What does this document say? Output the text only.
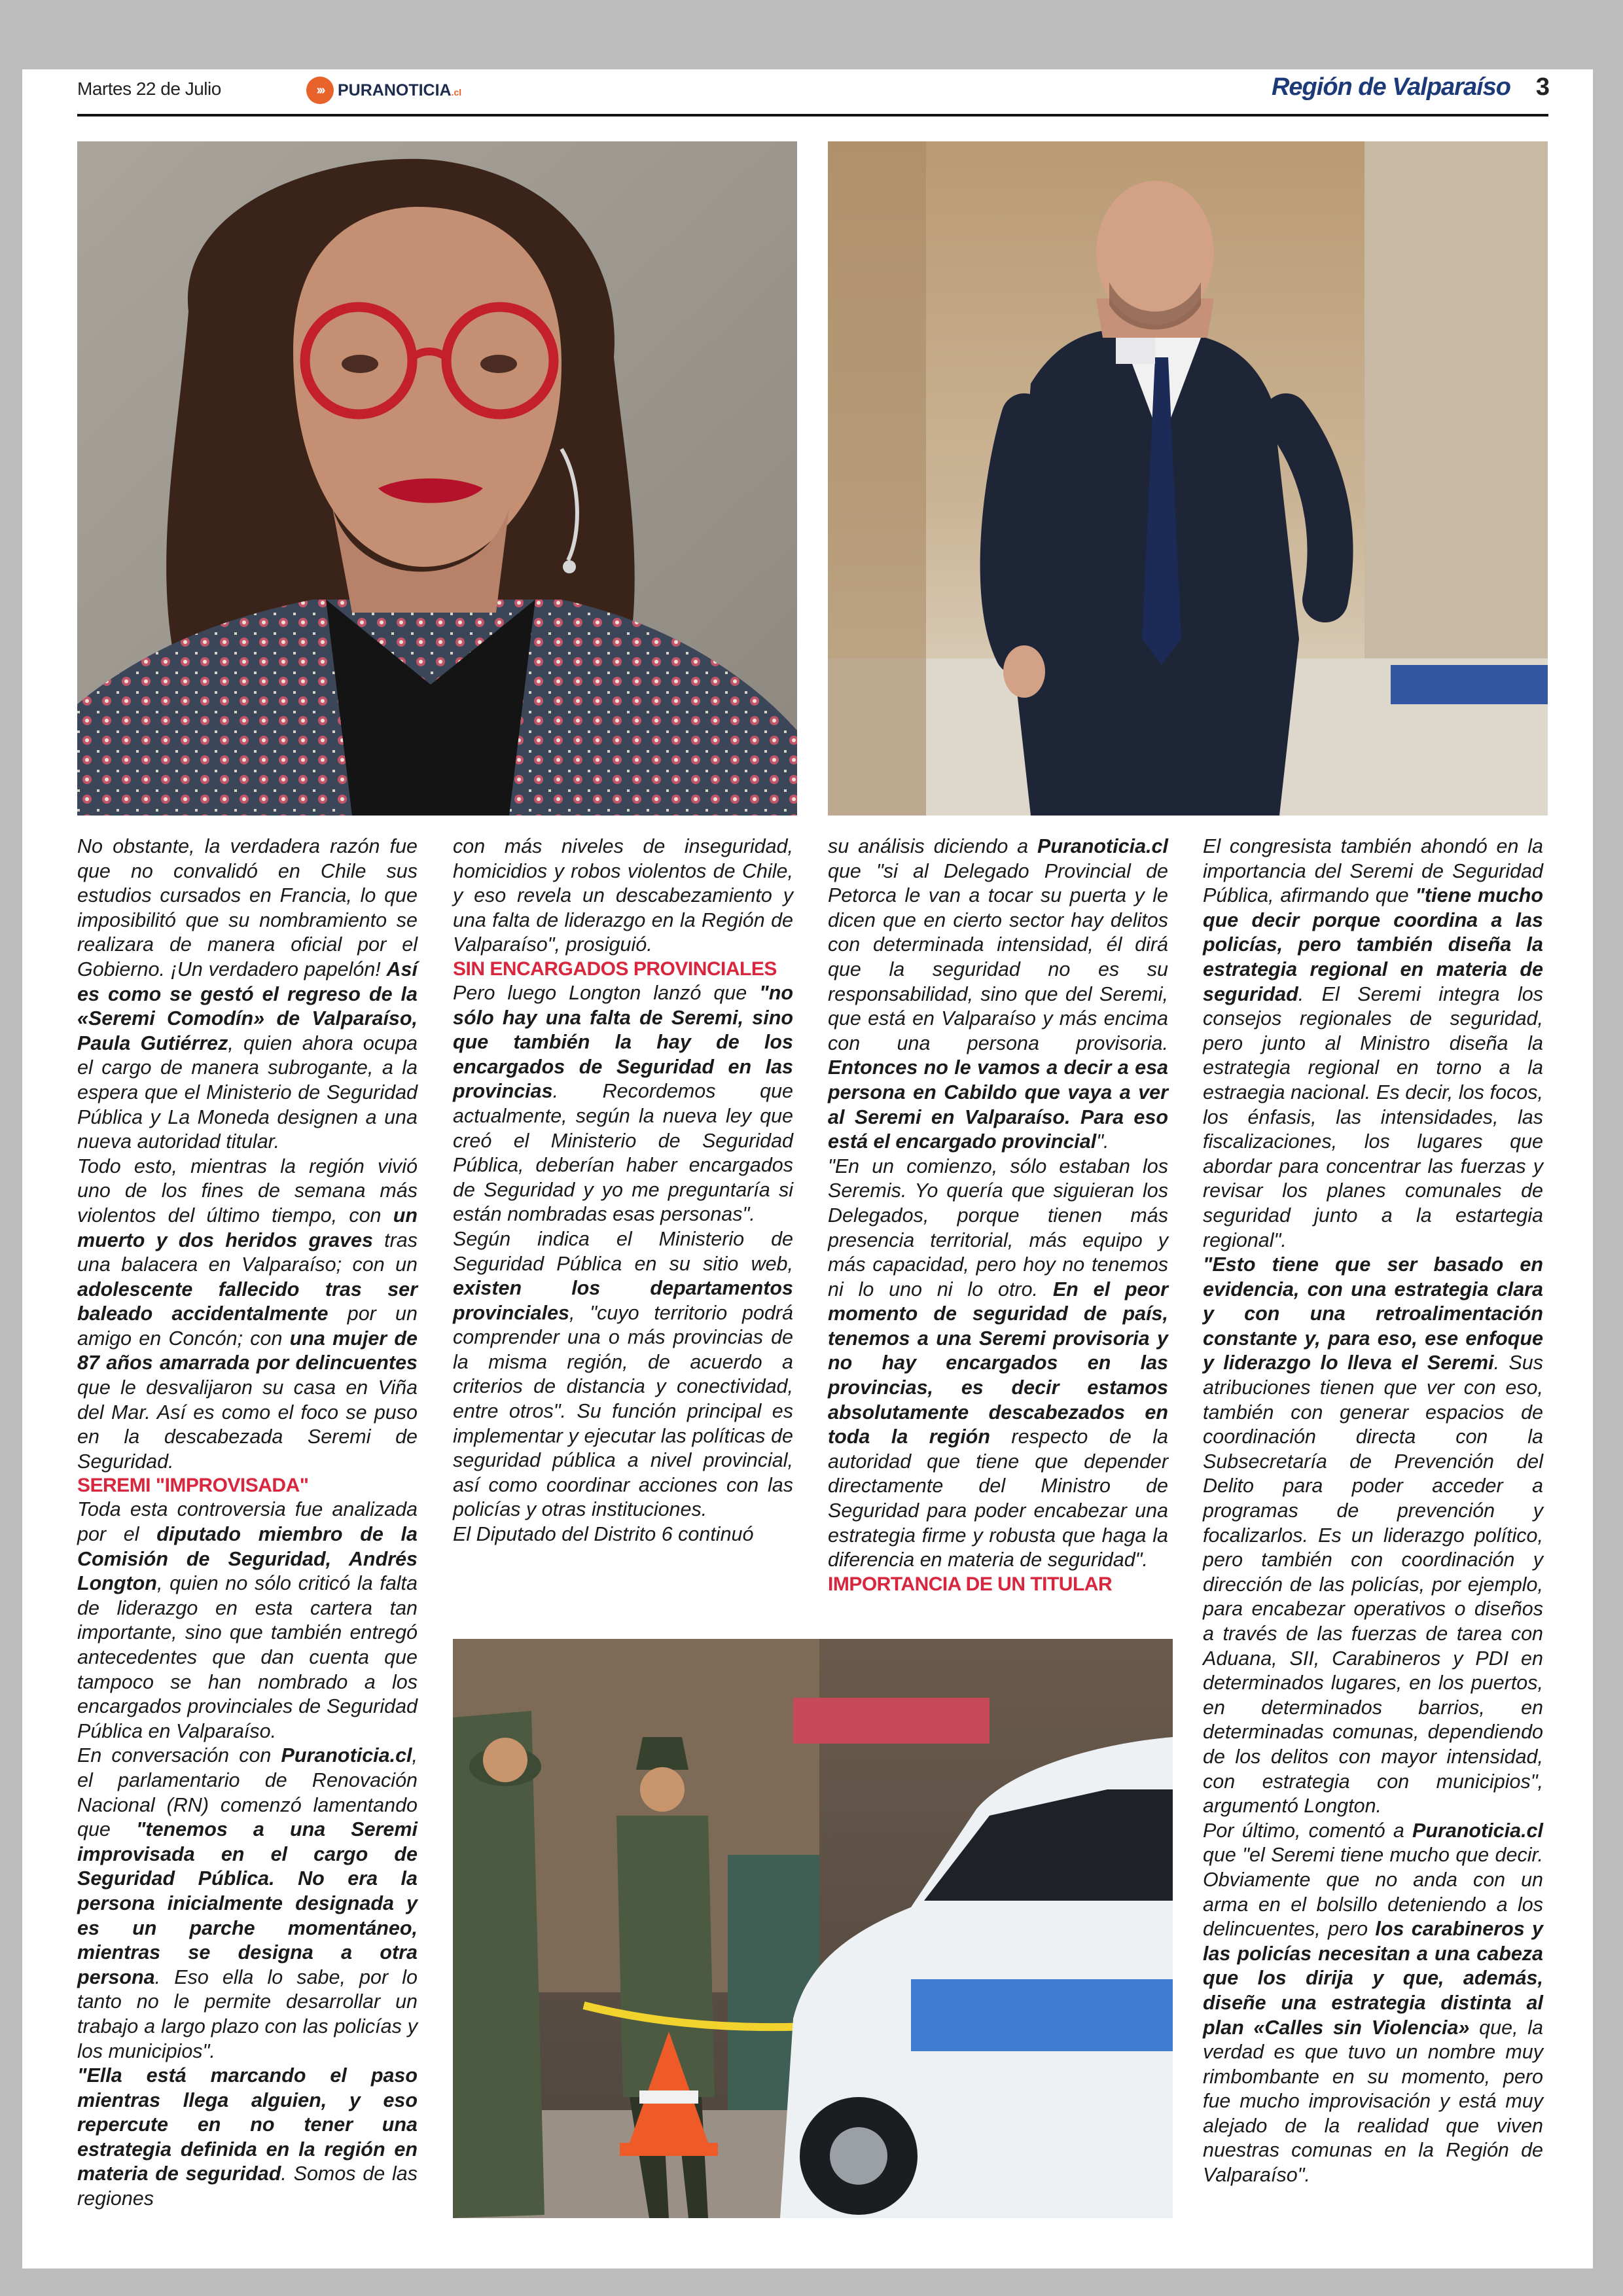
Martes 22 de Julio	››› PURANOTICIA.cl	Región de Valparaíso 3

No obstante, la verdadera razón fue que no convalidó en Chile sus estudios cursados en Francia, lo que imposibilitó que su nombramiento se realizara de manera oficial por el Gobierno. ¡Un verdadero papelón! Así es como se gestó el regreso de la «Seremi Comodín» de Valparaíso, Paula Gutiérrez, quien ahora ocupa el cargo de manera subrogante, a la espera que el Ministerio de Seguridad Pública y La Moneda designen a una nueva autoridad titular.

Todo esto, mientras la región vivió uno de los fines de semana más violentos del último tiempo, con un muerto y dos heridos graves tras una balacera en Valparaíso; con un adolescente fallecido tras ser baleado accidentalmente por un amigo en Concón; con una mujer de 87 años amarrada por delincuentes que le desvalijaron su casa en Viña del Mar. Así es como el foco se puso en la descabezada Seremi de Seguridad.

SEREMI "IMPROVISADA"

Toda esta controversia fue analizada por el diputado miembro de la Comisión de Seguridad, Andrés Longton, quien no sólo criticó la falta de liderazgo en esta cartera tan importante, sino que también entregó antecedentes que dan cuenta que tampoco se han nombrado a los encargados provinciales de Seguridad Pública en Valparaíso.

En conversación con Puranoticia.cl, el parlamentario de Renovación Nacional (RN) comenzó lamentando que "tenemos a una Seremi improvisada en el cargo de Seguridad Pública. No era la persona inicialmente designada y es un parche momentáneo, mientras se designa a otra persona. Eso ella lo sabe, por lo tanto no le permite desarrollar un trabajo a largo plazo con las policías y los municipios".

"Ella está marcando el paso mientras llega alguien, y eso repercute en no tener una estrategia definida en la región en materia de seguridad. Somos de las regiones

con más niveles de inseguridad, homicidios y robos violentos de Chile, y eso revela un descabezamiento y una falta de liderazgo en la Región de Valparaíso", prosiguió.

SIN ENCARGADOS PROVINCIALES

Pero luego Longton lanzó que "no sólo hay una falta de Seremi, sino que también la hay de los encargados de Seguridad en las provincias. Recordemos que actualmente, según la nueva ley que creó el Ministerio de Seguridad Pública, deberían haber encargados de Seguridad y yo me preguntaría si están nombradas esas personas".

Según indica el Ministerio de Seguridad Pública en su sitio web, existen los departamentos provinciales, "cuyo territorio podrá comprender una o más provincias de la misma región, de acuerdo a criterios de distancia y conectividad, entre otros". Su función principal es implementar y ejecutar las políticas de seguridad pública a nivel provincial, así como coordinar acciones con las policías y otras instituciones.

El Diputado del Distrito 6 continuó

su análisis diciendo a Puranoticia.cl que "si al Delegado Provincial de Petorca le van a tocar su puerta y le dicen que en cierto sector hay delitos con determinada intensidad, él dirá que la seguridad no es su responsabilidad, sino que del Seremi, que está en Valparaíso y más encima con una persona provisoria. Entonces no le vamos a decir a esa persona en Cabildo que vaya a ver al Seremi en Valparaíso. Para eso está el encargado provincial".

"En un comienzo, sólo estaban los Seremis. Yo quería que siguieran los Delegados, porque tienen más presencia territorial, más equipo y más capacidad, pero hoy no tenemos ni lo uno ni lo otro. En el peor momento de seguridad de país, tenemos a una Seremi provisoria y no hay encargados en las provincias, es decir estamos absolutamente descabezados en toda la región respecto de la autoridad que tiene que depender directamente del Ministro de Seguridad para poder encabezar una estrategia firme y robusta que haga la diferencia en materia de seguridad".

IMPORTANCIA DE UN TITULAR

El congresista también ahondó en la importancia del Seremi de Seguridad Pública, afirmando que "tiene mucho que decir porque coordina a las policías, pero también diseña la estrategia regional en materia de seguridad. El Seremi integra los consejos regionales de seguridad, pero junto al Ministro diseña la estrategia regional en torno a la estraegia nacional. Es decir, los focos, los énfasis, las intensidades, las fiscalizaciones, los lugares que abordar para concentrar las fuerzas y revisar los planes comunales de seguridad junto a la estartegia regional".

"Esto tiene que ser basado en evidencia, con una estrategia clara y con una retroalimentación constante y, para eso, ese enfoque y liderazgo lo lleva el Seremi. Sus atribuciones tienen que ver con eso, también con generar espacios de coordinación directa con la Subsecretaría de Prevención del Delito para poder acceder a programas de prevención y focalizarlos. Es un liderazgo político, pero también con coordinación y dirección de las policías, por ejemplo, para encabezar operativos o diseños a través de las fuerzas de tarea con Aduana, SII, Carabineros y PDI en determinados lugares, en los puertos, en determinados barrios, en determinadas comunas, dependiendo de los delitos con mayor intensidad, con estrategia con municipios", argumentó Longton.

Por último, comentó a Puranoticia.cl que "el Seremi tiene mucho que decir. Obviamente que no anda con un arma en el bolsillo deteniendo a los delincuentes, pero los carabineros y las policías necesitan a una cabeza que los dirija y que, además, diseñe una estrategia distinta al plan «Calles sin Violencia» que, la verdad es que tuvo un nombre muy rimbombante en su momento, pero fue mucho improvisación y está muy alejado de la realidad que viven nuestras comunas en la Región de Valparaíso".
